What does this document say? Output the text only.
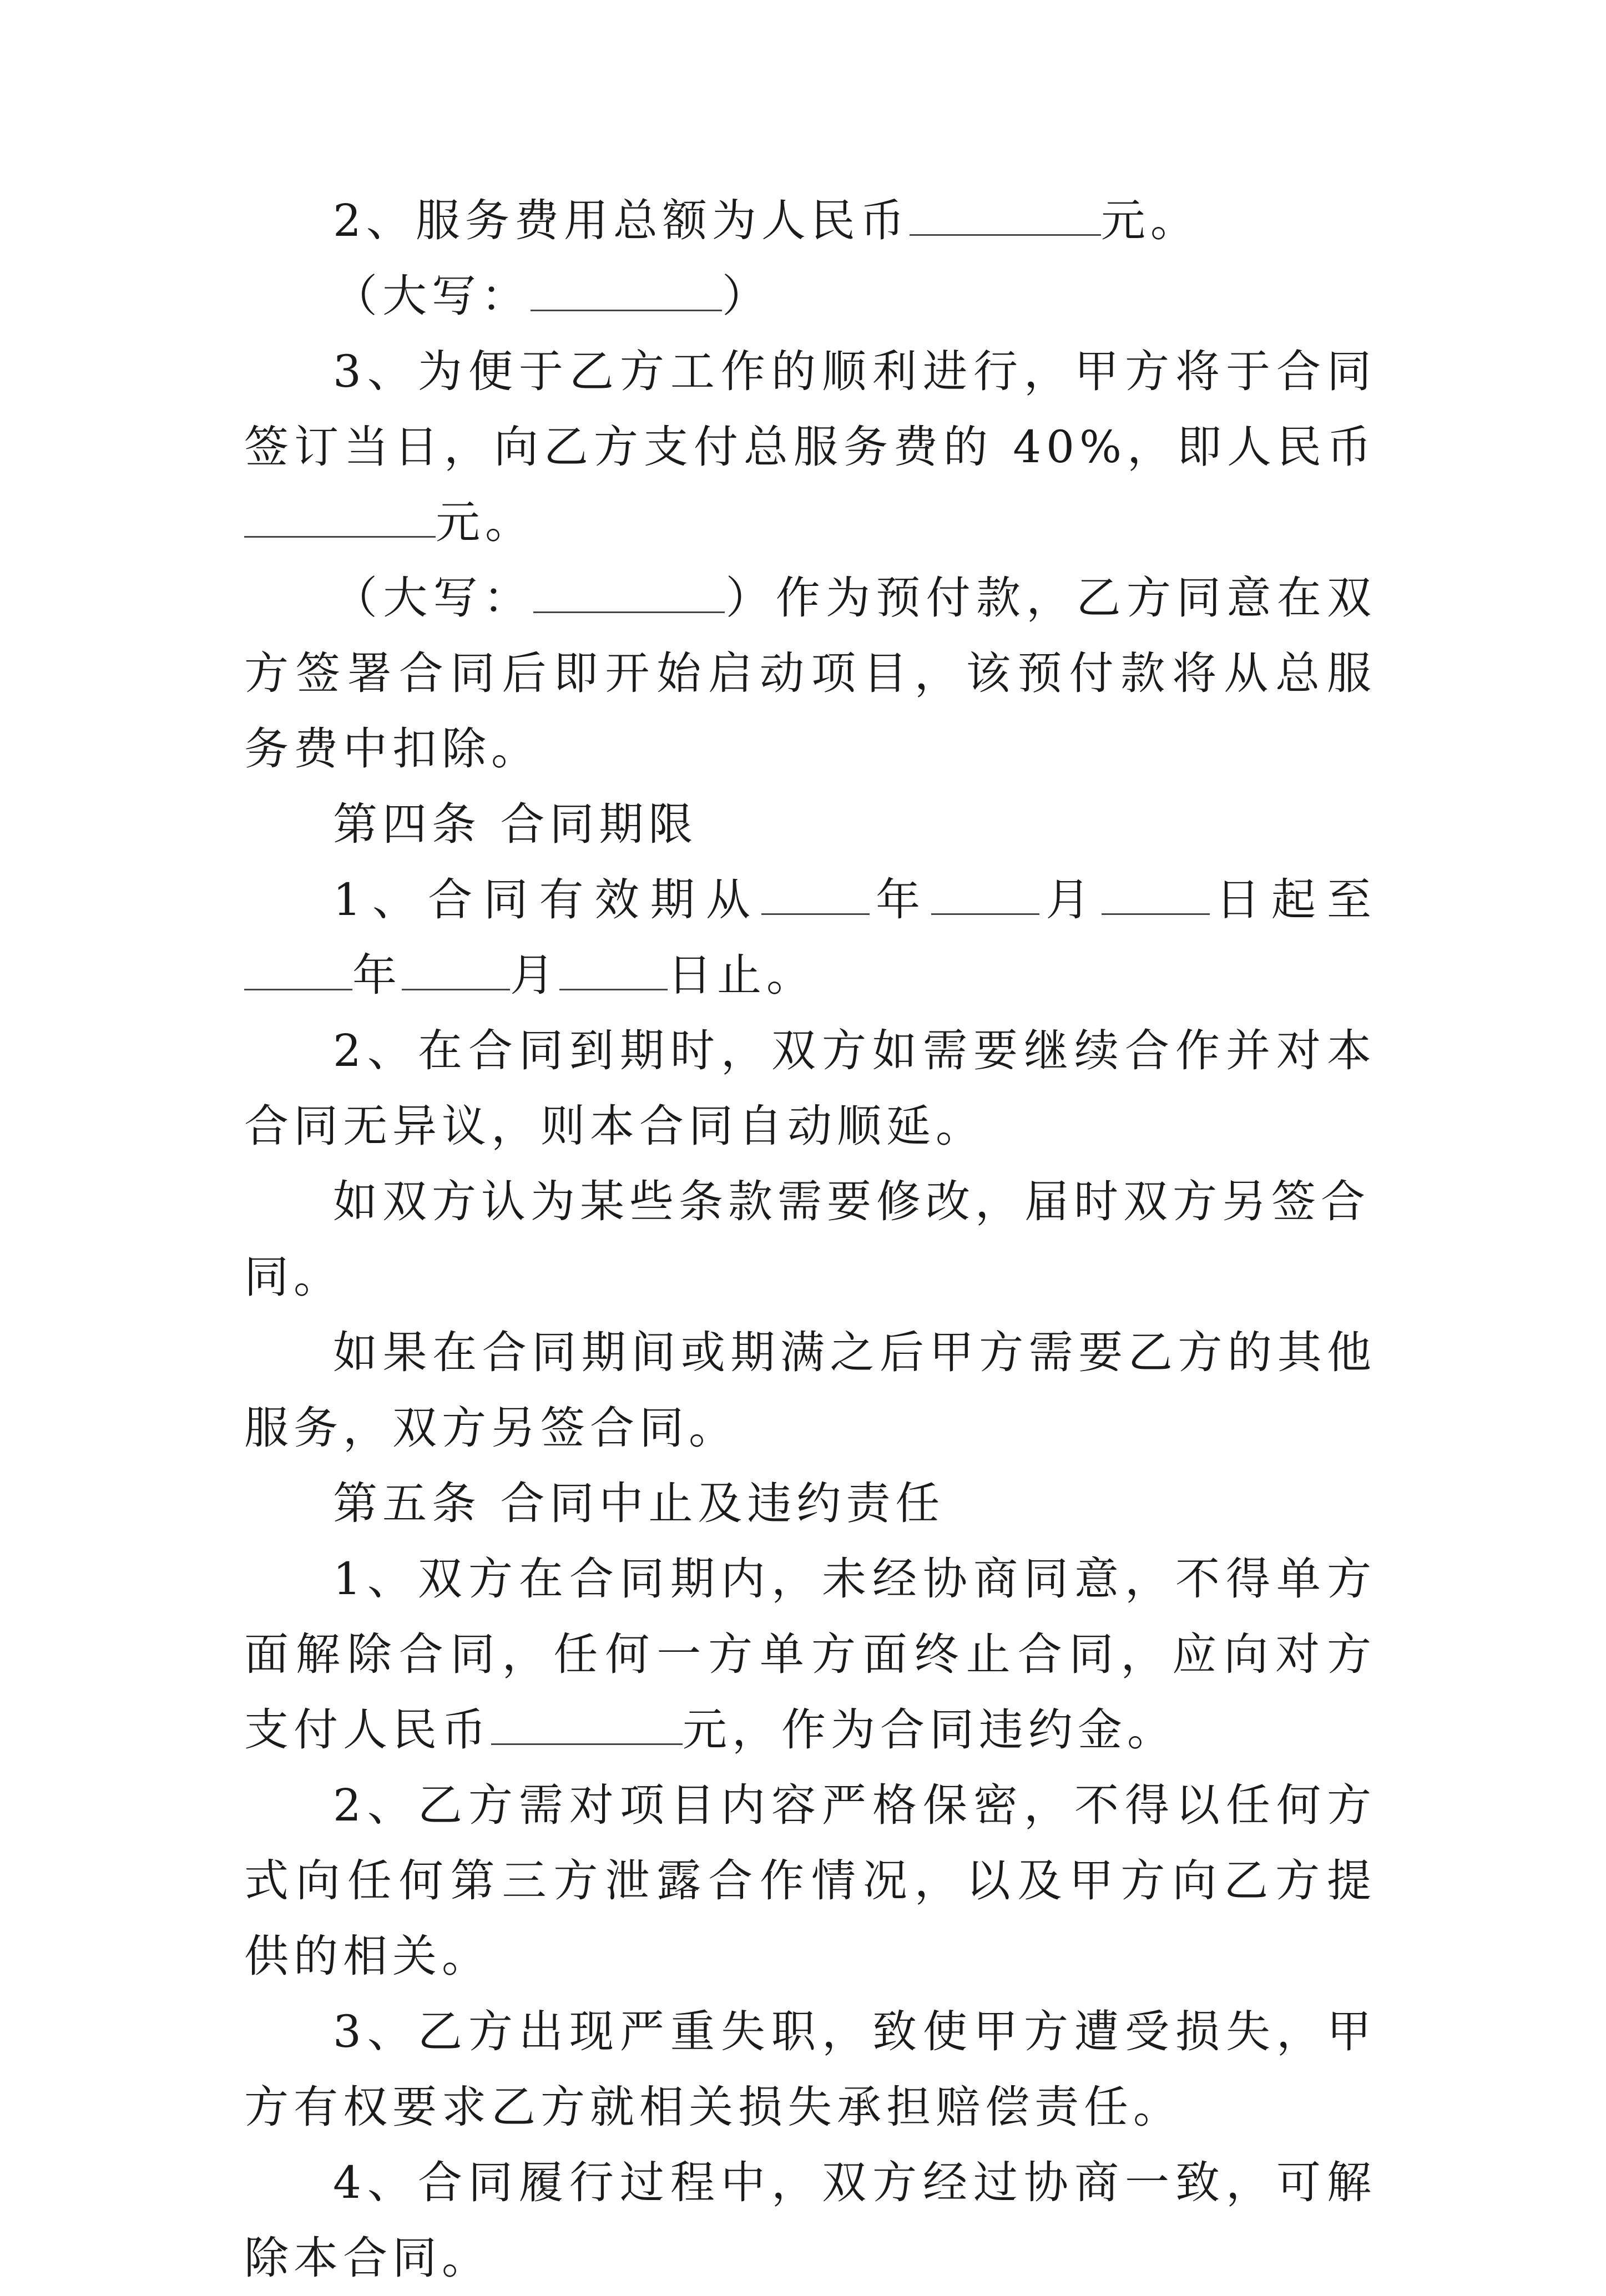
2、服务费用总额为人民币	元。

（大写：	）

3、为便于乙方工作的顺利进行，甲方将于合同签订当日，向乙方支付总服务费的 40%，即人民币元。

（大写：	）作为预付款，乙方同意在双方签署合同后即开始启动项目，该预付款将从总服务费中扣除。

第四条 合同期限

1、合同有效期从 年 月 日起至年 月 日止。

2、在合同到期时，双方如需要继续合作并对本合同无异议，则本合同自动顺延。

如双方认为某些条款需要修改，届时双方另签合同。

如果在合同期间或期满之后甲方需要乙方的其他服务，双方另签合同。

第五条 合同中止及违约责任

1、双方在合同期内，未经协商同意，不得单方面解除合同，任何一方单方面终止合同，应向对方支付人民币	元，作为合同违约金。

2、乙方需对项目内容严格保密，不得以任何方式向任何第三方泄露合作情况，以及甲方向乙方提供的相关。

3、乙方出现严重失职，致使甲方遭受损失，甲方有权要求乙方就相关损失承担赔偿责任。

4、合同履行过程中，双方经过协商一致，可解除本合同。
